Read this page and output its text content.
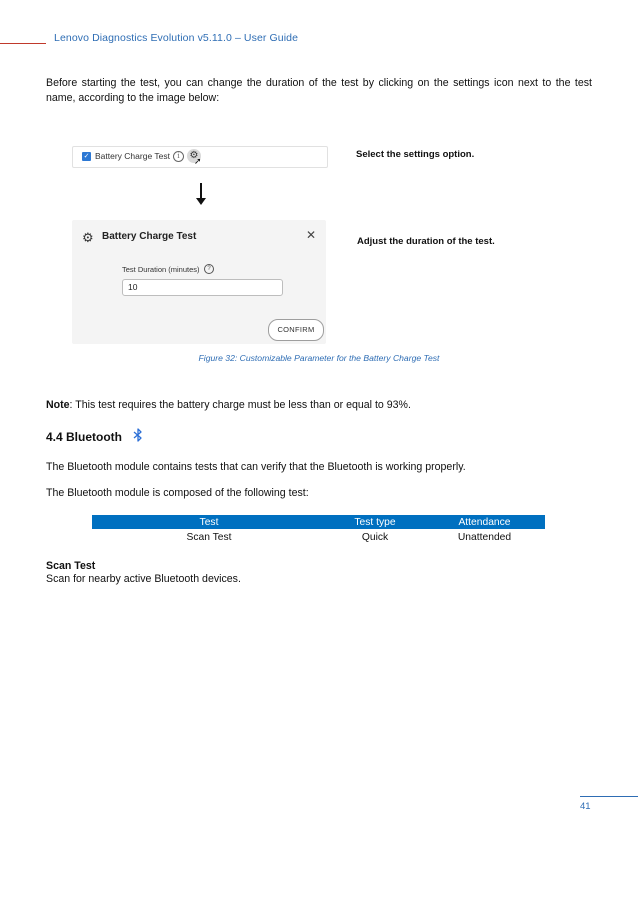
Lenovo Diagnostics Evolution v5.11.0 – User Guide
Before starting the test, you can change the duration of the test by clicking on the settings icon next to the test name, according to the image below:
✓ Battery Charge Test	i ⚙
➚
Select the settings option.
⚙ Battery Charge Test	✕
Test Duration (minutes)	?
10
CONFIRM
Adjust the duration of the test.
Figure 32: Customizable Parameter for the Battery Charge Test
Note: This test requires the battery charge must be less than or equal to 93%.
4.4 Bluetooth
The Bluetooth module contains tests that can verify that the Bluetooth is working properly.
The Bluetooth module is composed of the following test:
Test	Test type	Attendance
Scan Test	Quick	Unattended
Scan Test
Scan for nearby active Bluetooth devices.
41
